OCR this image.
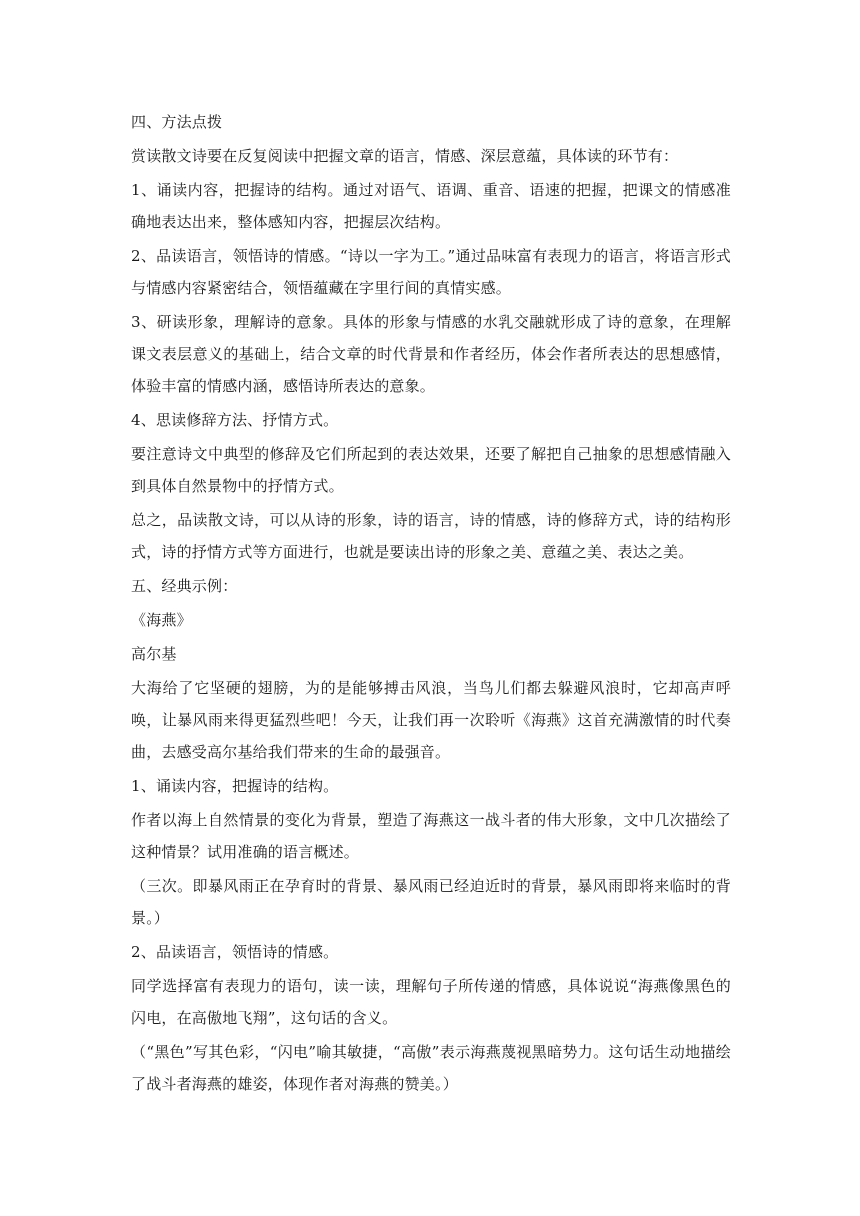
四、方法点拨

赏读散文诗要在反复阅读中把握文章的语言，情感、深层意蕴，具体读的环节有：

1、诵读内容，把握诗的结构。通过对语气、语调、重音、语速的把握，把课文的情感准确地表达出来，整体感知内容，把握层次结构。

2、品读语言，领悟诗的情感。“诗以一字为工。”通过品味富有表现力的语言，将语言形式与情感内容紧密结合，领悟蕴藏在字里行间的真情实感。

3、研读形象，理解诗的意象。具体的形象与情感的水乳交融就形成了诗的意象，在理解课文表层意义的基础上，结合文章的时代背景和作者经历，体会作者所表达的思想感情，体验丰富的情感内涵，感悟诗所表达的意象。

4、思读修辞方法、抒情方式。

要注意诗文中典型的修辞及它们所起到的表达效果，还要了解把自己抽象的思想感情融入到具体自然景物中的抒情方式。

总之，品读散文诗，可以从诗的形象，诗的语言，诗的情感，诗的修辞方式，诗的结构形式，诗的抒情方式等方面进行，也就是要读出诗的形象之美、意蕴之美、表达之美。

五、经典示例：

《海燕》

高尔基

大海给了它坚硬的翅膀，为的是能够搏击风浪，当鸟儿们都去躲避风浪时，它却高声呼唤，让暴风雨来得更猛烈些吧！今天，让我们再一次聆听《海燕》这首充满激情的时代奏曲，去感受高尔基给我们带来的生命的最强音。

1、诵读内容，把握诗的结构。

作者以海上自然情景的变化为背景，塑造了海燕这一战斗者的伟大形象，文中几次描绘了这种情景？试用准确的语言概述。

（三次。即暴风雨正在孕育时的背景、暴风雨已经迫近时的背景，暴风雨即将来临时的背景。）

2、品读语言，领悟诗的情感。

同学选择富有表现力的语句，读一读，理解句子所传递的情感，具体说说“海燕像黑色的闪电，在高傲地飞翔”，这句话的含义。

（“黑色”写其色彩，“闪电”喻其敏捷，“高傲”表示海燕蔑视黑暗势力。这句话生动地描绘了战斗者海燕的雄姿，体现作者对海燕的赞美。）
